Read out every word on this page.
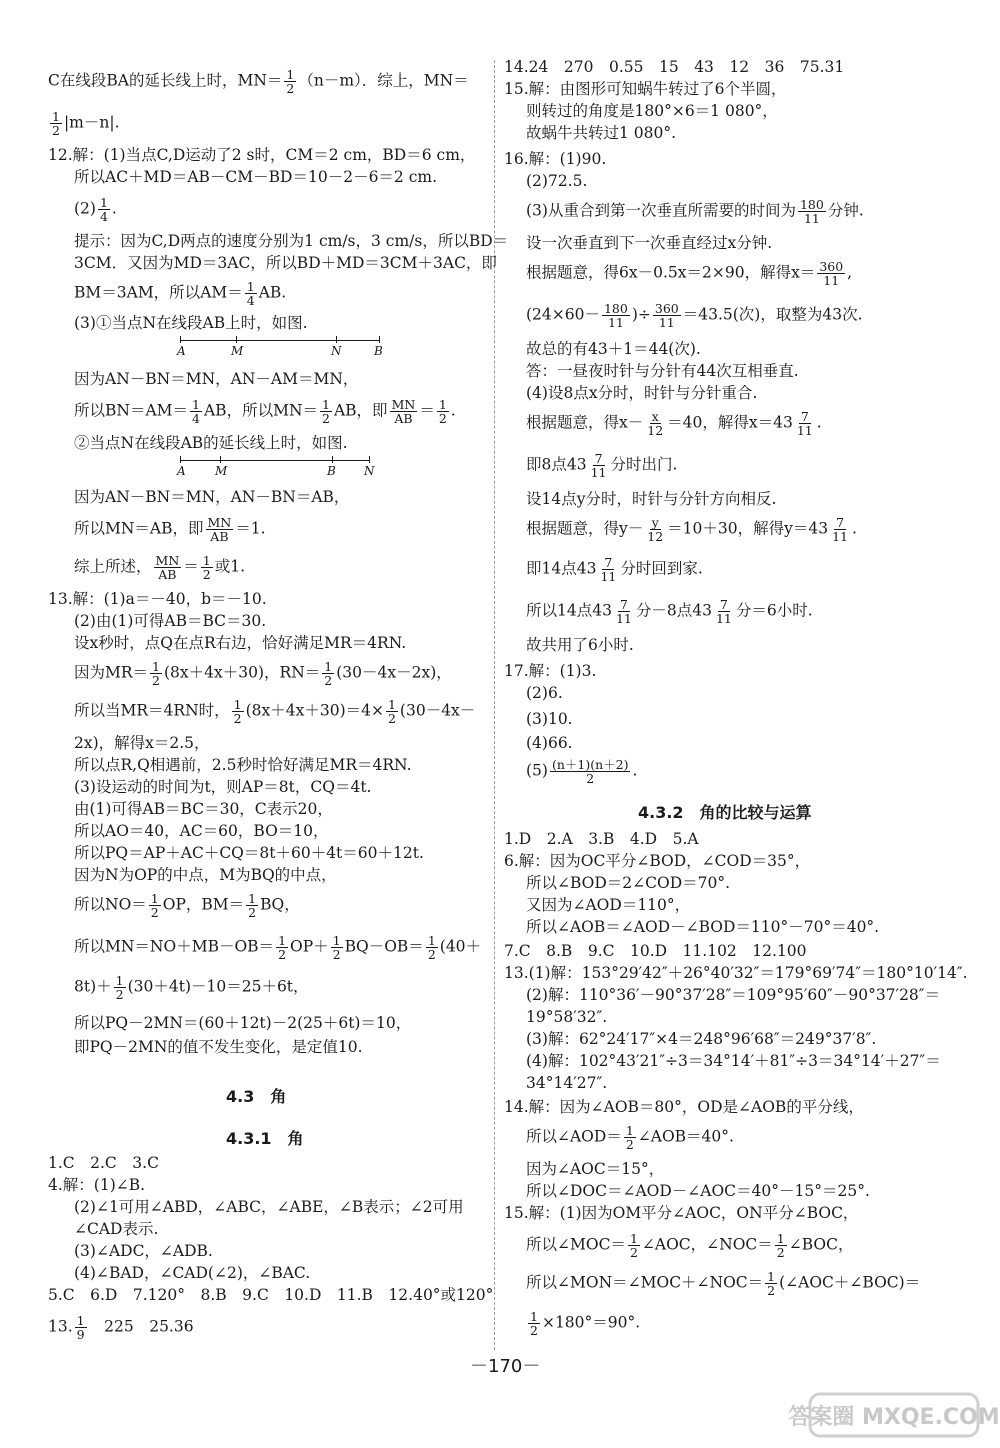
C在线段BA的延长线上时，$MN= \frac{1}{2} (n-m)$．综上，MN＝
$\frac{1}{2} |m-n|$.
12.解：(1)当点C,D运动了2 s时，CM＝2 cm，BD＝6 cm，
所以AC＋MD＝AB－CM－BD＝10－2－6＝2 cm.
$(2) \frac{1}{4}$ .
提示：因为C,D两点的速度分别为1 cm/s，3 cm/s，所以BD＝
3CM．又因为MD＝3AC，所以BD＋MD＝3CM＋3AC，即
BM＝3AM，所以$AM= \frac{1}{4}$ AB.
(3)①当点N在线段AB上时，如图.
A	M	N	B
因为AN－BN＝MN，AN－AM＝MN，
所以$BN=AM= \frac{1}{4}$ AB，所以$MN= \frac{1}{2}$ AB，即 $\frac{MN}{AB} = \frac{1}{2}$ .
②当点N在线段AB的延长线上时，如图.
A M	B N
因为AN－BN＝MN，AN－BN＝AB，
所以MN＝AB，即 $\frac{MN}{AB} =1$.
综上所述， $\frac{MN}{AB} = \frac{1}{2}$ 或1.
13.解：(1)a＝－40，b＝－10.
(2)由(1)可得AB＝BC＝30.
设x秒时，点Q在点R右边，恰好满足MR＝4RN.
因为$MR= \frac{1}{2} (8x+4x+30)$，$RN= \frac{1}{2} (30-4x-2x)$，
所以当MR＝4RN时， $\frac{1}{2} (8x+4x+30)=4\times \frac{1}{2} (30-4x-$
2x)，解得x＝2.5，
所以点R,Q相遇前，2.5秒时恰好满足MR＝4RN.
(3)设运动的时间为t，则AP＝8t，CQ＝4t.
由(1)可得AB＝BC＝30，C表示20，
所以AO＝40，AC＝60，BO＝10，
所以PQ＝AP＋AC＋CQ＝8t＋60＋4t＝60＋12t.
因为N为OP的中点，M为BQ的中点，
所以$NO= \frac{1}{2}$ OP，$BM= \frac{1}{2}$ BQ，
所以$MN=NO+MB-OB= \frac{1}{2} OP+ \frac{1}{2} BQ-OB= \frac{1}{2} (40+$
$8t)+ \frac{1}{2} (30+4t)-10=25+6t$，
所以PQ－2MN＝(60＋12t)－2(25＋6t)＝10，
即PQ－2MN的值不发生变化，是定值10.
4.3　角
4.3.1　角
1.C　2.C　3.C
4.解：(1)∠B.
(2)∠1可用∠ABD，∠ABC，∠ABE，∠B表示；∠2可用
∠CAD表示.
(3)∠ADC，∠ADB.
(4)∠BAD，∠CAD(∠2)，∠BAC.
5.C　6.D　7.120°　8.B　9.C　10.D　11.B　12.40°或120°
13. $\frac{1}{9}$
　 225　25.36
14.24　270　0.55　15　43　12　36　75.31
15.解：由图形可知蜗牛转过了6个半圆，
则转过的角度是180°×6＝1 080°，
故蜗牛共转过1 080°.
16.解：(1)90.
(2)72.5.
(3)从重合到第一次垂直所需要的时间为 $\frac{180}{11}$ 分钟.
设一次垂直到下一次垂直经过x分钟.
根据题意，得6x－0.5x＝2×90，解得$x= \frac{360}{11}$ ,
($24\times 60- \frac{180}{11}$ )÷ $\frac{360}{11} =43.5$(次)，取整为43次.
故总的有43＋1＝44(次).
答：一昼夜时针与分针有44次互相垂直.
(4)设8点x分时，时针与分针重合.
根据题意，得$x- \frac{x}{12} =40$，解得$x=43 \frac{7}{11}$ .
即8点$43 \frac{7}{11}$ 分时出门.
设14点y分时，时针与分针方向相反.
根据题意，得$y- \frac{y}{12} =10+30$，解得$y=43 \frac{7}{11}$ .
即14点$43 \frac{7}{11}$ 分时回到家.
所以14点$43 \frac{7}{11}$ 分－8点$43 \frac{7}{11}$ 分＝6小时.
故共用了6小时.
17.解：(1)3.
(2)6.
(3)10.
(4)66.
$(5) \frac{(n+1)(n+2)}{2}$ .
4.3.2　角的比较与运算
1.D　2.A　3.B　4.D　5.A
6.解：因为OC平分∠BOD，∠COD＝35°，
所以∠BOD＝2∠COD＝70°.
又因为∠AOD＝110°，
所以∠AOB＝∠AOD－∠BOD＝110°－70°＝40°.
7.C　8.B　9.C　10.D　11.102　12.100
13.(1)解：153°29′42″＋26°40′32″＝179°69′74″＝180°10′14″.
(2)解：110°36′－90°37′28″＝109°95′60″－90°37′28″＝
19°58′32″.
(3)解：62°24′17″×4＝248°96′68″＝249°37′8″.
(4)解：102°43′21″÷3＝34°14′＋81″÷3＝34°14′＋27″＝
34°14′27″.
14.解：因为∠AOB＝80°，OD是∠AOB的平分线，
所以∠AOD＝ $\frac{1}{2}$ ∠AOB＝40°.
因为∠AOC＝15°，
所以∠DOC＝∠AOD－∠AOC＝40°－15°＝25°.
15.解：(1)因为OM平分∠AOC，ON平分∠BOC，
所以∠MOC＝ $\frac{1}{2}$ ∠AOC，∠NOC＝ $\frac{1}{2}$ ∠BOC，
所以∠MON＝∠MOC＋∠NOC＝ $\frac{1}{2}$ (∠AOC＋∠BOC)＝
$\frac{1}{2} \times 180^\circ=90^\circ$.
－170－
答案圈 MXQE.COM
